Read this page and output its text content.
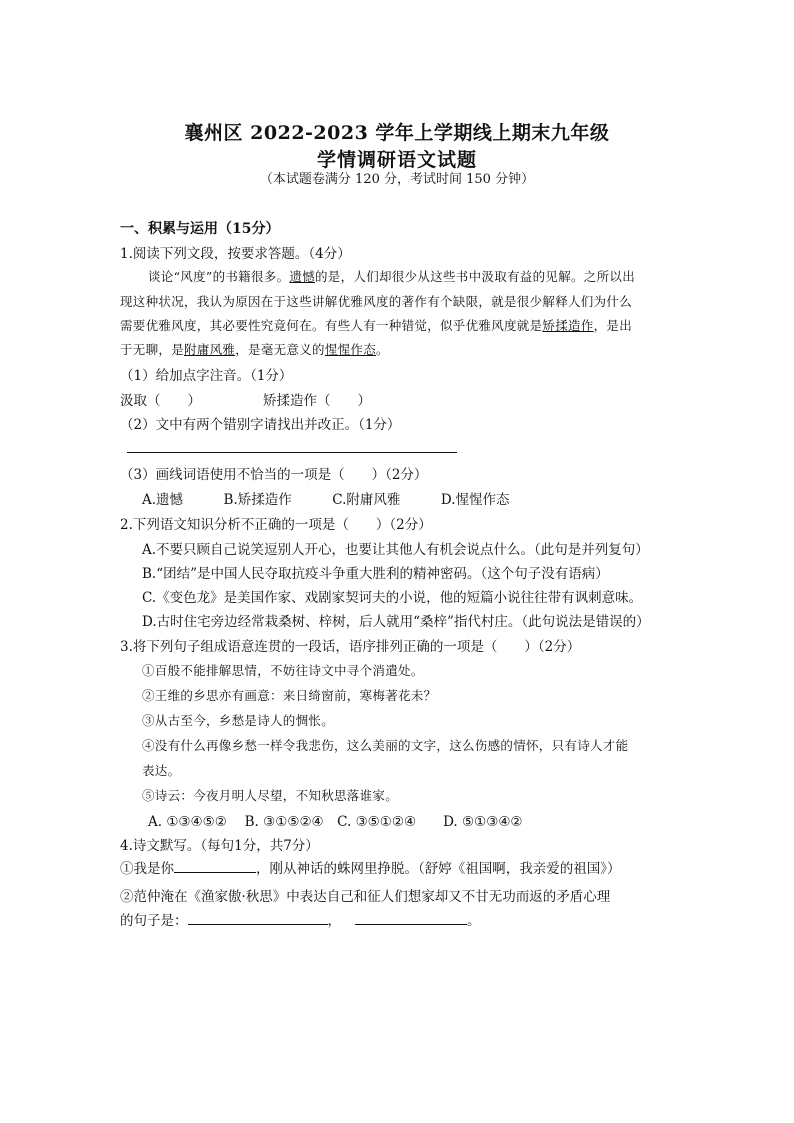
襄州区 2022-2023 学年上学期线上期末九年级
学情调研语文试题
（本试题卷满分 120 分，考试时间 150 分钟）
一、积累与运用（15分）
1.阅读下列文段，按要求答题。（4分）
谈论“风度”的书籍很多。遗憾的是，人们却很少从这些书中汲取有益的见解。之所以出
现这种状况，我认为原因在于这些讲解优雅风度的著作有个缺限，就是很少解释人们为什么
需要优雅风度，其必要性究竟何在。有些人有一种错觉，似乎优雅风度就是矫揉造作，是出
于无聊，是附庸风雅，是毫无意义的惺惺作态。
（1）给加点字注音。（1分）
汲取（　　）	矫揉造作（　　）
（2）文中有两个错别字请找出并改正。（1分）
（3）画线词语使用不恰当的一项是（　　）（2分）
A.遗憾　　　B.矫揉造作　　　C.附庸风雅　　　D.惺惺作态
2.下列语文知识分析不正确的一项是（　　）（2分）
A.不要只顾自己说笑逗别人开心，也要让其他人有机会说点什么。（此句是并列复句）
B.“团结”是中国人民夺取抗疫斗争重大胜利的精神密码。（这个句子没有语病）
C.《变色龙》是美国作家、戏剧家契诃夫的小说，他的短篇小说往往带有讽刺意味。
D.古时住宅旁边经常栽桑树、梓树，后人就用“桑梓”指代村庄。（此句说法是错误的）
3.将下列句子组成语意连贯的一段话，语序排列正确的一项是（　　）（2分）
①百般不能排解思情，不妨往诗文中寻个消遣处。
②王维的乡思亦有画意：来日绮窗前，寒梅著花未？
③从古至今，乡愁是诗人的惆怅。
④没有什么再像乡愁一样令我悲伤，这么美丽的文字，这么伤感的情怀，只有诗人才能
表达。
⑤诗云：今夜月明人尽望，不知秋思落谁家。
A. ①③④⑤②　 B. ③①⑤②④　C. ③⑤①②④　　D. ⑤①③④②
4.诗文默写。（每句1分，共7分）
①我是你	，刚从神话的蛛网里挣脱。（舒婷《祖国啊，我亲爱的祖国》）
②范仲淹在《渔家傲·秋思》中表达自己和征人们想家却又不甘无功而返的矛盾心理
的句子是：	，	。
